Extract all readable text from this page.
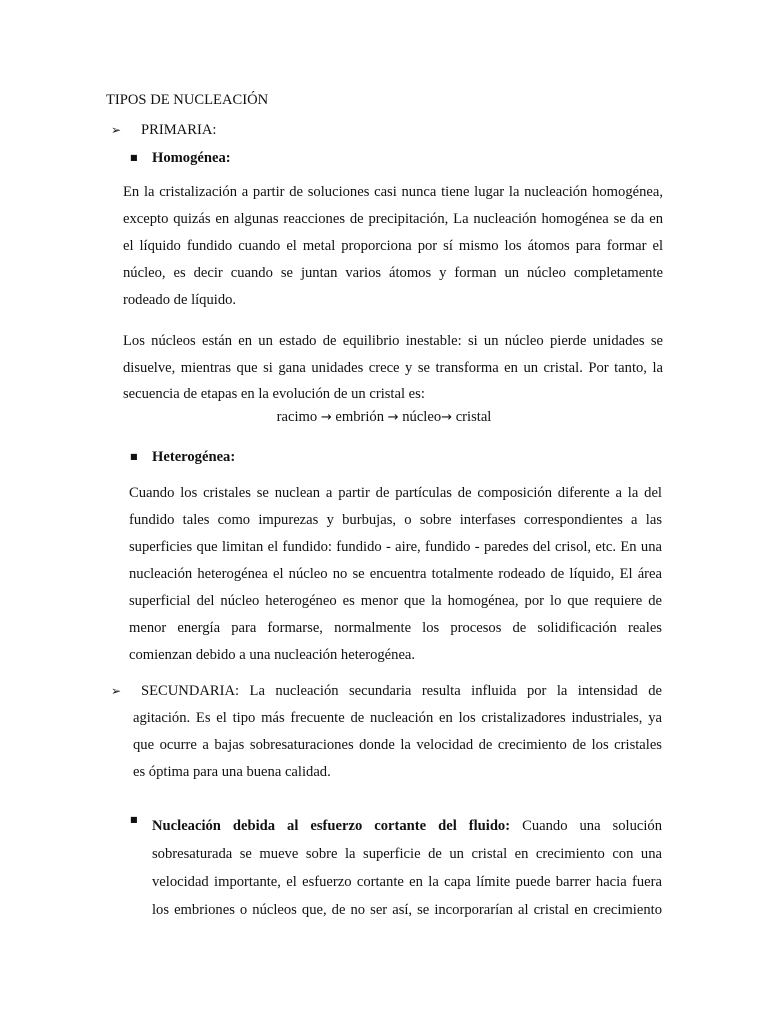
TIPOS DE NUCLEACIÓN
➢ PRIMARIA:
■ Homogénea:
En la cristalización a partir de soluciones casi nunca tiene lugar la nucleación homogénea,
excepto quizás en algunas reacciones de precipitación, La nucleación homogénea se da en
el líquido fundido cuando el metal proporciona por sí mismo los átomos para formar el
núcleo, es decir cuando se juntan varios átomos y forman un núcleo completamente
rodeado de líquido.
Los núcleos están en un estado de equilibrio inestable: si un núcleo pierde unidades se
disuelve, mientras que si gana unidades crece y se transforma en un cristal. Por tanto, la
secuencia de etapas en la evolución de un cristal es:
racimo → embrión → núcleo→ cristal
■ Heterogénea:
Cuando los cristales se nuclean a partir de partículas de composición diferente a la del
fundido tales como impurezas y burbujas, o sobre interfases correspondientes a las
superficies que limitan el fundido: fundido - aire, fundido - paredes del crisol, etc. En una
nucleación heterogénea el núcleo no se encuentra totalmente rodeado de líquido, El área
superficial del núcleo heterogéneo es menor que la homogénea, por lo que requiere de
menor energía para formarse, normalmente los procesos de solidificación reales
comienzan debido a una nucleación heterogénea.
➢ SECUNDARIA: La nucleación secundaria resulta influida por la intensidad de
agitación. Es el tipo más frecuente de nucleación en los cristalizadores industriales, ya
que ocurre a bajas sobresaturaciones donde la velocidad de crecimiento de los cristales
es óptima para una buena calidad.
■ Nucleación debida al esfuerzo cortante del fluido: Cuando una solución
sobresaturada se mueve sobre la superficie de un cristal en crecimiento con una
velocidad importante, el esfuerzo cortante en la capa límite puede barrer hacia fuera
los embriones o núcleos que, de no ser así, se incorporarían al cristal en crecimiento
